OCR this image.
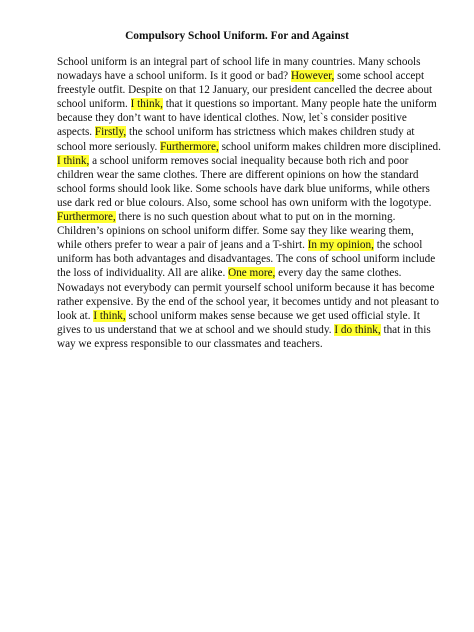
Compulsory School Uniform. For and Against
School uniform is an integral part of school life in many countries. Many schools
nowadays have a school uniform. Is it good or bad? However, some school accept
freestyle outfit. Despite on that 12 January, our president cancelled the decree about
school uniform. I think, that it questions so important. Many people hate the uniform
because they don’t want to have identical clothes. Now, let`s consider positive
aspects. Firstly, the school uniform has strictness which makes children study at
school more seriously. Furthermore, school uniform makes children more disciplined.
I think, a school uniform removes social inequality because both rich and poor
children wear the same clothes. There are different opinions on how the standard
school forms should look like. Some schools have dark blue uniforms, while others
use dark red or blue colours. Also, some school has own uniform with the logotype.
Furthermore, there is no such question about what to put on in the morning.
Children’s opinions on school uniform differ. Some say they like wearing them,
while others prefer to wear a pair of jeans and a T-shirt. In my opinion, the school
uniform has both advantages and disadvantages. The cons of school uniform include
the loss of individuality. All are alike. One more, every day the same clothes.
Nowadays not everybody can permit yourself school uniform because it has become
rather expensive. By the end of the school year, it becomes untidy and not pleasant to
look at. I think, school uniform makes sense because we get used official style. It
gives to us understand that we at school and we should study. I do think, that in this
way we express responsible to our classmates and teachers.
